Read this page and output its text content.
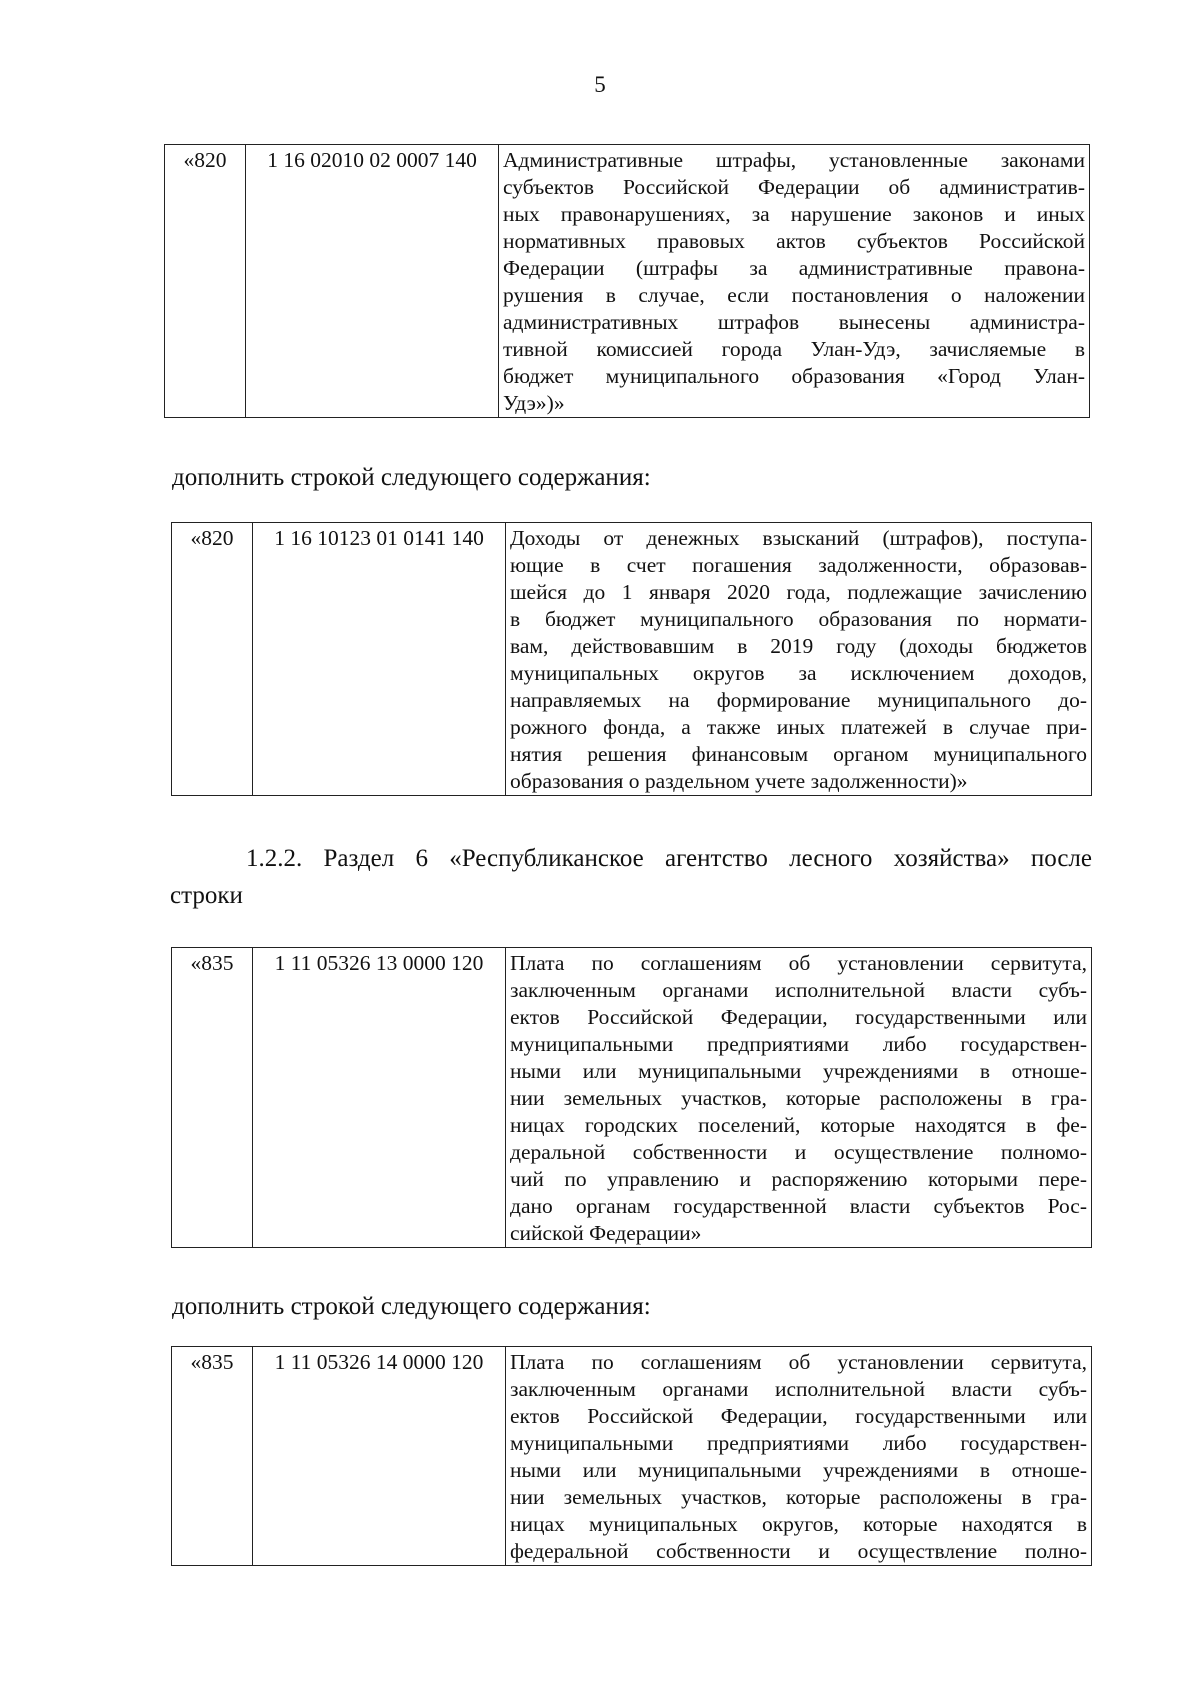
5
«820	1 16 02010 02 0007 140	Административные штрафы, установленные законами
субъектов Российской Федерации об административ-
ных правонарушениях, за нарушение законов и иных
нормативных правовых актов субъектов Российской
Федерации (штрафы за административные правона-
рушения в случае, если постановления о наложении
административных штрафов вынесены администра-
тивной комиссией города Улан-Удэ, зачисляемые в
бюджет муниципального образования «Город Улан-
Удэ»)»

дополнить строкой следующего содержания:

«820	1 16 10123 01 0141 140	Доходы от денежных взысканий (штрафов), поступа-
ющие в счет погашения задолженности, образовав-
шейся до 1 января 2020 года, подлежащие зачислению
в бюджет муниципального образования по нормати-
вам, действовавшим в 2019 году (доходы бюджетов
муниципальных округов за исключением доходов,
направляемых на формирование муниципального до-
рожного фонда, а также иных платежей в случае при-
нятия решения финансовым органом муниципального
образования о раздельном учете задолженности)»
1.2.2. Раздел 6 «Республиканское агентство лесного хозяйства» после
строки
«835	1 11 05326 13 0000 120	Плата по соглашениям об установлении сервитута,
заключенным органами исполнительной власти субъ-
ектов Российской Федерации, государственными или
муниципальными предприятиями либо государствен-
ными или муниципальными учреждениями в отноше-
нии земельных участков, которые расположены в гра-
ницах городских поселений, которые находятся в фе-
деральной собственности и осуществление полномо-
чий по управлению и распоряжению которыми пере-
дано органам государственной власти субъектов Рос-
сийской Федерации»

дополнить строкой следующего содержания:

«835	1 11 05326 14 0000 120	Плата по соглашениям об установлении сервитута,
заключенным органами исполнительной власти субъ-
ектов Российской Федерации, государственными или
муниципальными предприятиями либо государствен-
ными или муниципальными учреждениями в отноше-
нии земельных участков, которые расположены в гра-
ницах муниципальных округов, которые находятся в
федеральной собственности и осуществление полно-
